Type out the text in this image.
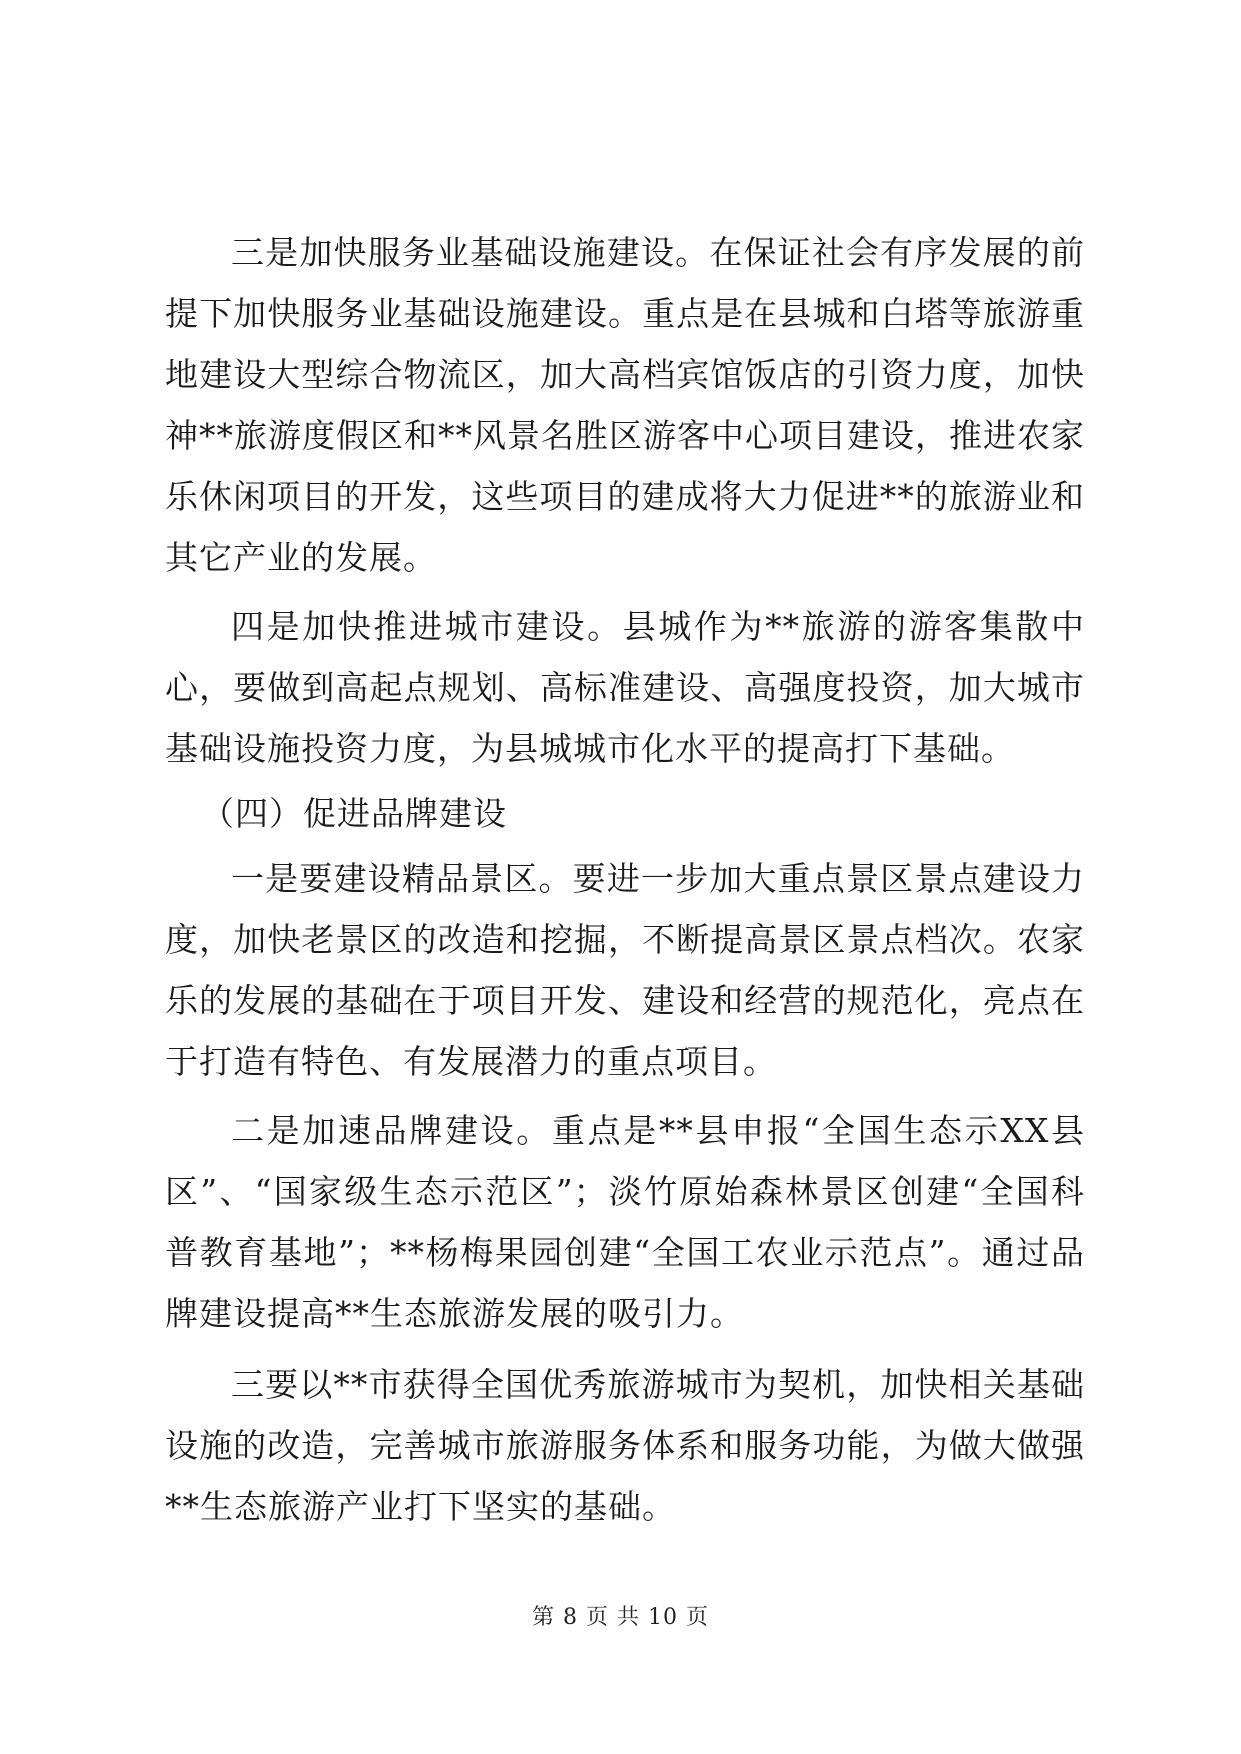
三是加快服务业基础设施建设。在保证社会有序发展的前提下加快服务业基础设施建设。重点是在县城和白塔等旅游重地建设大型综合物流区，加大高档宾馆饭店的引资力度，加快神**旅游度假区和**风景名胜区游客中心项目建设，推进农家乐休闲项目的开发，这些项目的建成将大力促进**的旅游业和其它产业的发展。

四是加快推进城市建设。县城作为**旅游的游客集散中心，要做到高起点规划、高标准建设、高强度投资，加大城市基础设施投资力度，为县城城市化水平的提高打下基础。

（四）促进品牌建设

一是要建设精品景区。要进一步加大重点景区景点建设力度，加快老景区的改造和挖掘，不断提高景区景点档次。农家乐的发展的基础在于项目开发、建设和经营的规范化，亮点在于打造有特色、有发展潜力的重点项目。

二是加速品牌建设。重点是**县申报“全国生态示XX县区”、“国家级生态示范区”；淡竹原始森林景区创建“全国科普教育基地”；**杨梅果园创建“全国工农业示范点”。通过品牌建设提高**生态旅游发展的吸引力。

三要以**市获得全国优秀旅游城市为契机，加快相关基础设施的改造，完善城市旅游服务体系和服务功能，为做大做强**生态旅游产业打下坚实的基础。

第 8 页 共 10 页
